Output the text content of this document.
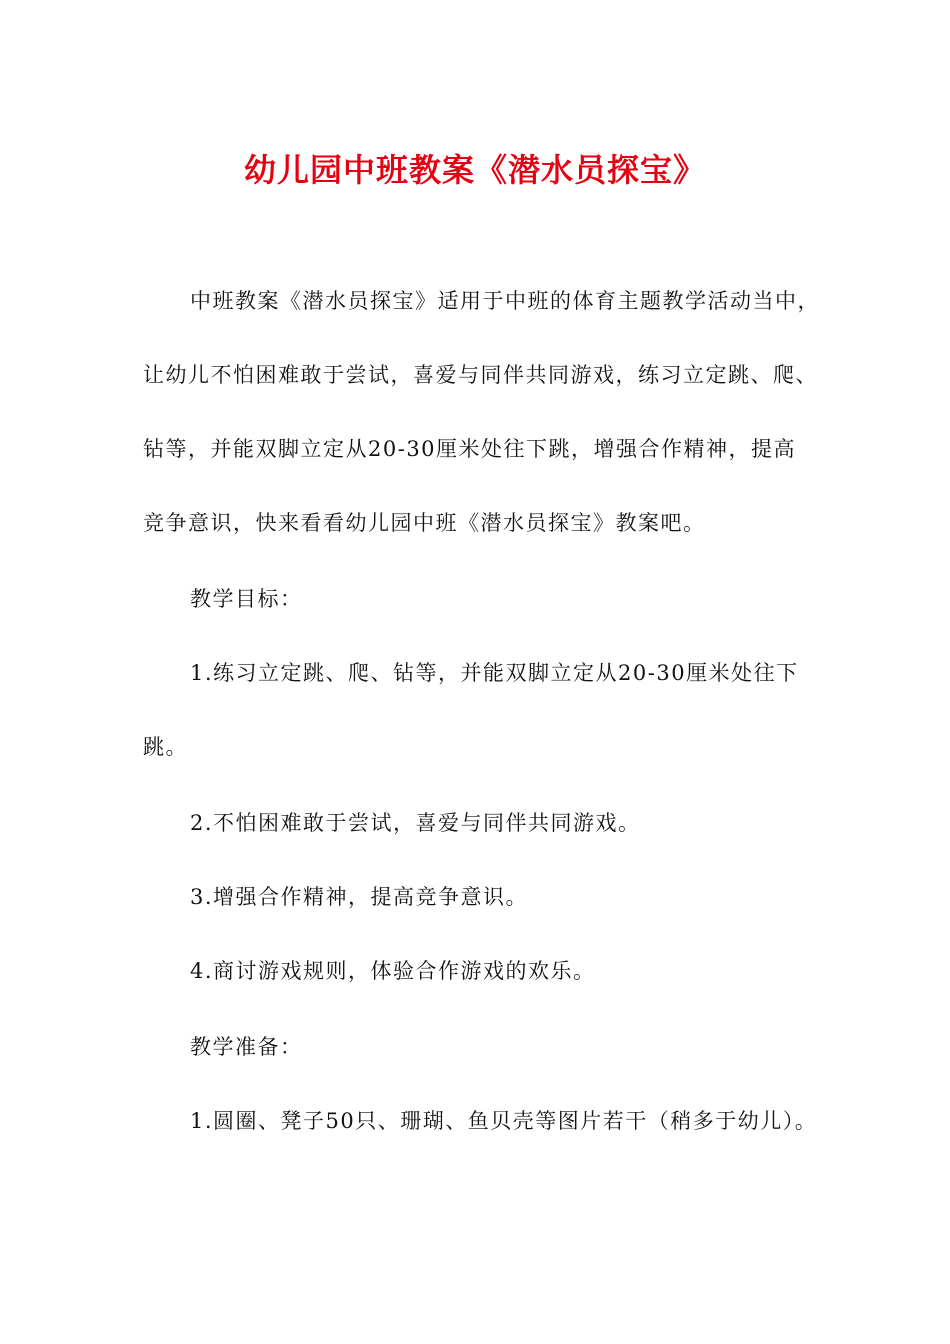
幼儿园中班教案《潜水员探宝》
中班教案《潜水员探宝》适用于中班的体育主题教学活动当中，
让幼儿不怕困难敢于尝试，喜爱与同伴共同游戏，练习立定跳、爬、
钻等，并能双脚立定从20-30厘米处往下跳，增强合作精神，提高
竞争意识，快来看看幼儿园中班《潜水员探宝》教案吧。
教学目标：
1.练习立定跳、爬、钻等，并能双脚立定从20-30厘米处往下
跳。
2.不怕困难敢于尝试，喜爱与同伴共同游戏。
3.增强合作精神，提高竞争意识。
4.商讨游戏规则，体验合作游戏的欢乐。
教学准备：
1.圆圈、凳子50只、珊瑚、鱼贝壳等图片若干（稍多于幼儿）。
